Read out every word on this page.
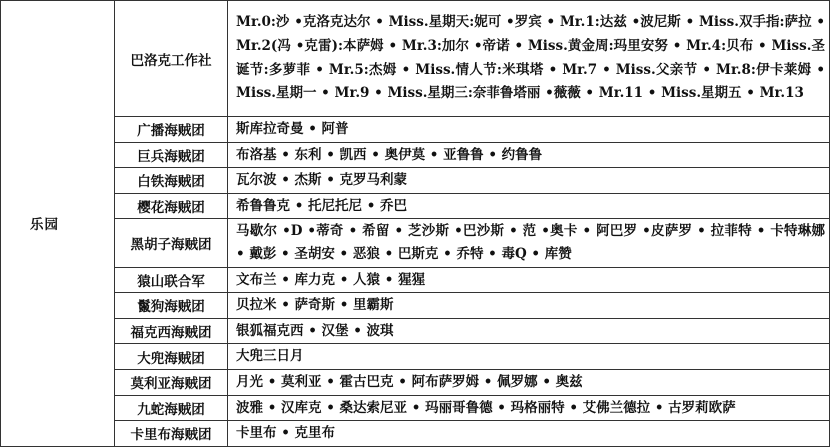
乐园	巴洛克工作社	Mr.0:沙 •克洛克达尔 • Miss.星期天:妮可 •罗宾 • Mr.1:达兹 •波尼斯 • Miss.双手指:萨拉 • Mr.2(冯 •克雷):本萨姆 • Mr.3:加尔 •帝诺 • Miss.黄金周:玛里安努 • Mr.4:贝布 • Miss.圣诞节:多萝菲 • Mr.5:杰姆 • Miss.情人节:米琪塔 • Mr.7 • Miss.父亲节 • Mr.8:伊卡莱姆 • Miss.星期一 • Mr.9 • Miss.星期三:奈菲鲁塔丽 •薇薇 • Mr.11 • Miss.星期五 • Mr.13
	广播海贼团	斯库拉奇曼 • 阿普
	巨兵海贼团	布洛基 • 东利 • 凯西 • 奥伊莫 • 亚鲁鲁 • 约鲁鲁
	白铁海贼团	瓦尔波 • 杰斯 • 克罗马利蒙
	樱花海贼团	希鲁鲁克 • 托尼托尼 • 乔巴
	黑胡子海贼团	马歇尔 •D •蒂奇 • 希留 • 芝沙斯 •巴沙斯 • 范 •奥卡 • 阿巴罗 •皮萨罗 • 拉菲特 • 卡特琳娜 • 戴彭 • 圣胡安 • 恶狼 • 巴斯克 • 乔特 • 毒Q • 库赞
	猿山联合军	文布兰 • 库力克 • 人猿 • 猩猩
	鬣狗海贼团	贝拉米 • 萨奇斯 • 里霸斯
	福克西海贼团	银狐福克西 • 汉堡 • 波琪
	大兜海贼团	大兜三日月
	莫利亚海贼团	月光 • 莫利亚 • 霍古巴克 • 阿布萨罗姆 • 佩罗娜 • 奥兹
	九蛇海贼团	波雅 • 汉库克 • 桑达索尼亚 • 玛丽哥鲁德 • 玛格丽特 • 艾佛兰德拉 • 古罗莉欧萨
	卡里布海贼团	卡里布 • 克里布
